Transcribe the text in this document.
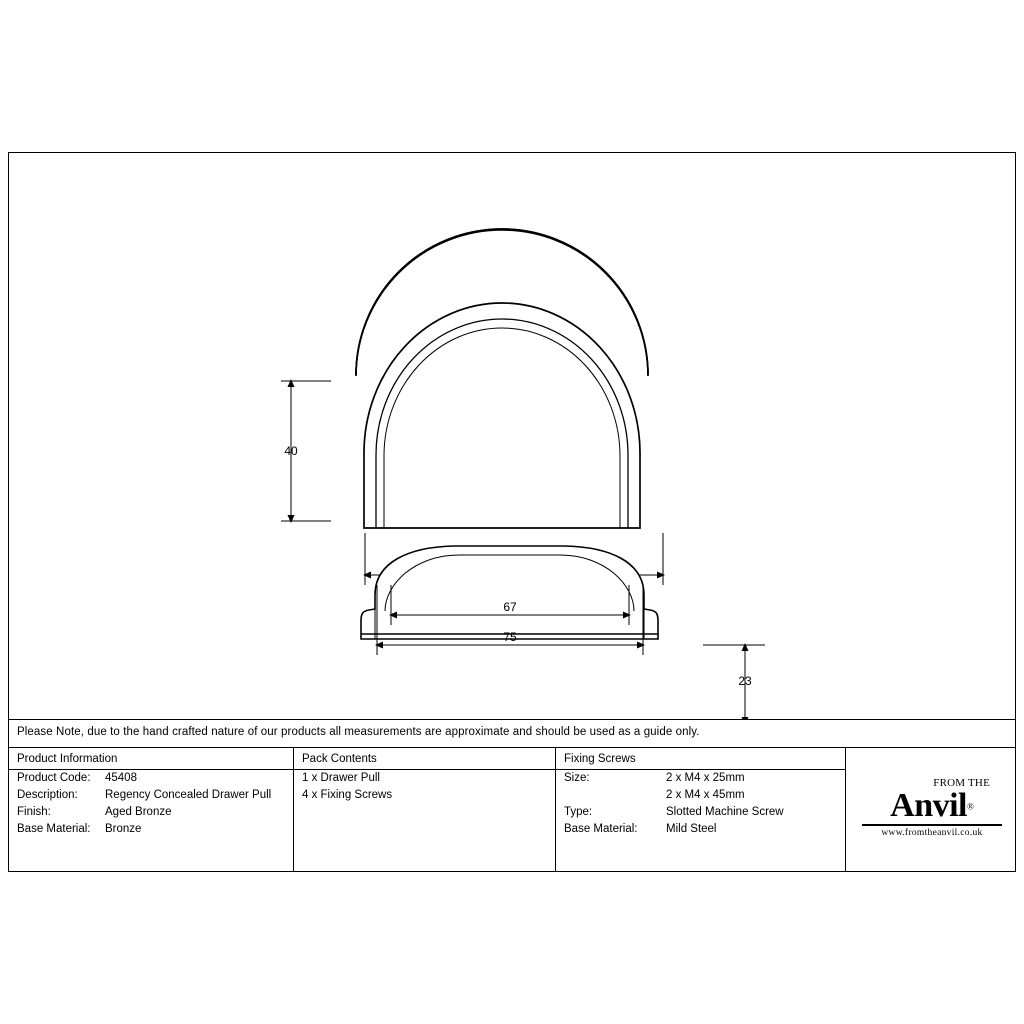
40
23
67
75
Please Note, due to the hand crafted nature of our products all measurements are approximate and should be used as a guide only.
Product Information
Product Code: 45408
Description: Regency Concealed Drawer Pull
Finish:	Aged Bronze
Base Material: Bronze
Pack Contents
1 x Drawer Pull
4 x Fixing Screws
Fixing Screws
Size:	2 x M4 x 25mm
2 x M4 x 45mm
Type:	Slotted Machine Screw
Base Material: Mild Steel
FROM THE
Anvil®
www.fromtheanvil.co.uk
